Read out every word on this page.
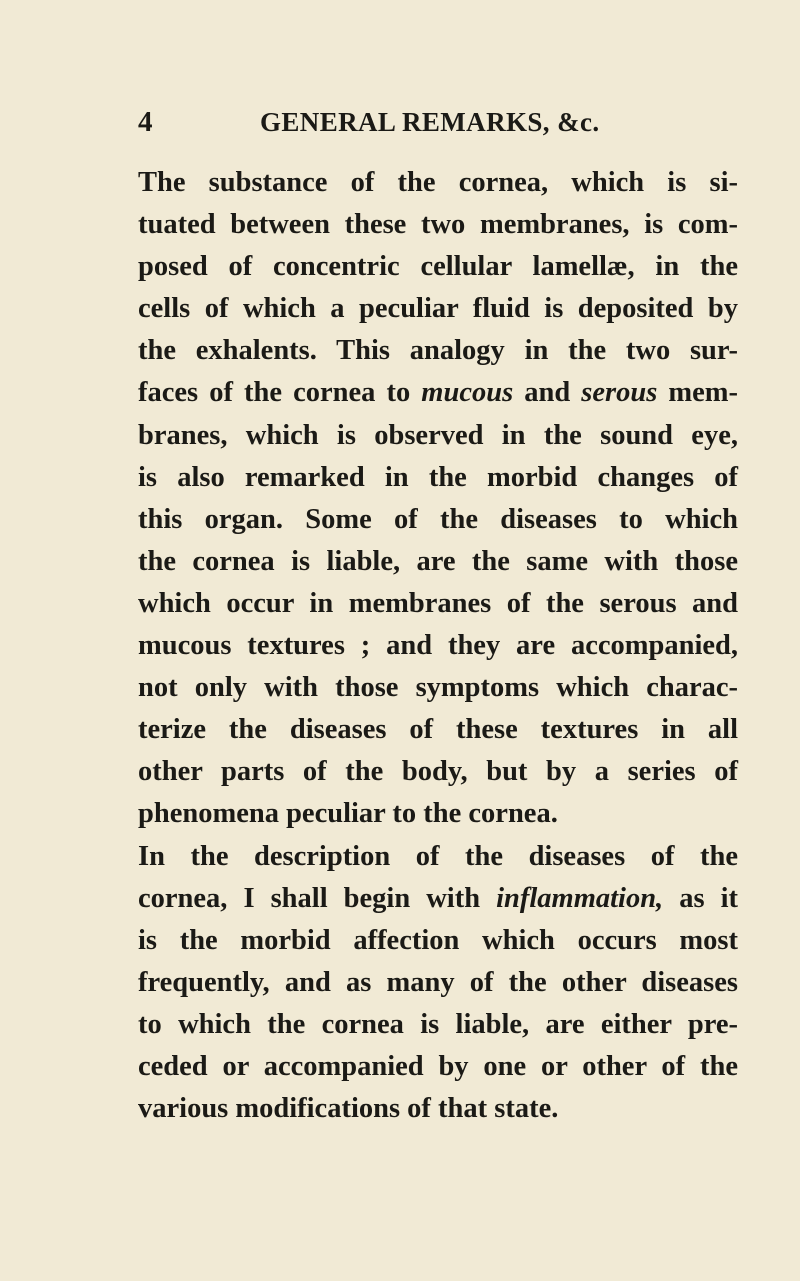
4	GENERAL REMARKS, &c.
The substance of the cornea, which is si-
tuated between these two membranes, is com-
posed of concentric cellular lamellæ, in the
cells of which a peculiar fluid is deposited by
the exhalents. This analogy in the two sur-
faces of the cornea to mucous and serous mem-
branes, which is observed in the sound eye,
is also remarked in the morbid changes of
this organ. Some of the diseases to which
the cornea is liable, are the same with those
which occur in membranes of the serous and
mucous textures ; and they are accompanied,
not only with those symptoms which charac-
terize the diseases of these textures in all
other parts of the body, but by a series of
phenomena peculiar to the cornea.
In the description of the diseases of the
cornea, I shall begin with inflammation, as it
is the morbid affection which occurs most
frequently, and as many of the other diseases
to which the cornea is liable, are either pre-
ceded or accompanied by one or other of the
various modifications of that state.
